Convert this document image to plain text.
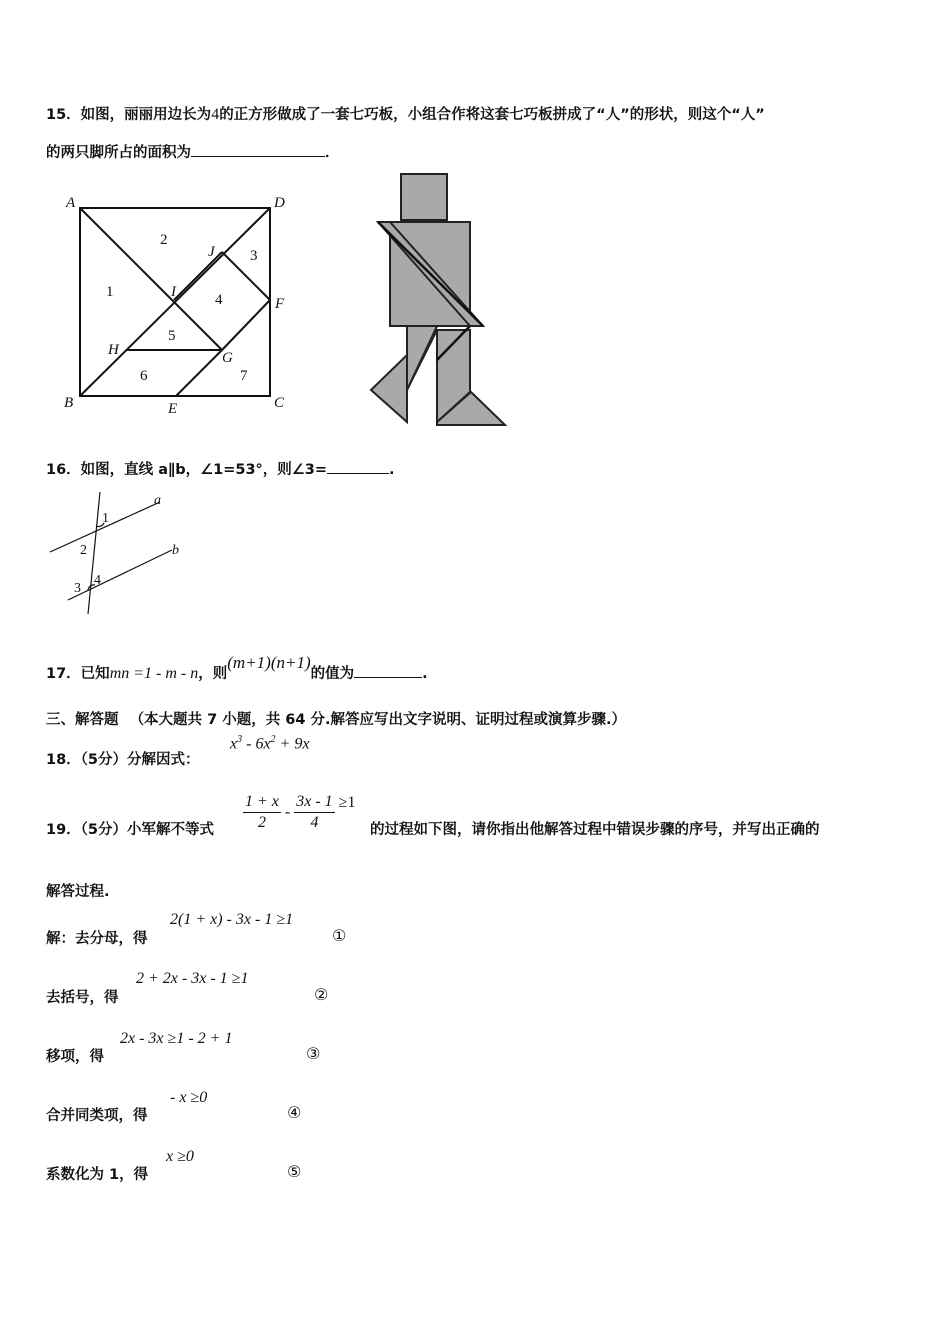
15．如图，丽丽用边长为4的正方形做成了一套七巧板，小组合作将这套七巧板拼成了“人”的形状，则这个“人”
的两只脚所占的面积为	．
A
B	C
D
E
F
G
H
I
J
1
2
3
4
5
6	7
16．如图，直线 a∥b，∠1=53°，则∠3=	.
a
b
1
2
3
4
17．已知mn =1 - m - n，则(m+1)(n+1)的值为	.
三、解答题 （本大题共 7 小题，共 64 分.解答应写出文字说明、证明过程或演算步骤.）
18．（5分）分解因式：
$x^3 - 6x^2 + 9x$
19．（5分）小军解不等式 $\frac{1 + x}{2} - \frac{3x - 1}{4} \ge 1$
的过程如下图，请你指出他解答过程中错误步骤的序号，并写出正确的
解答过程.
解：去分母，得
2(1 + x) - 3x - 1 ≥1
①
去括号，得
2 + 2x - 3x - 1 ≥1
②
移项，得
2x - 3x ≥1 - 2 + 1
③
合并同类项，得
- x ≥0
④
系数化为 1，得
x ≥0
⑤
